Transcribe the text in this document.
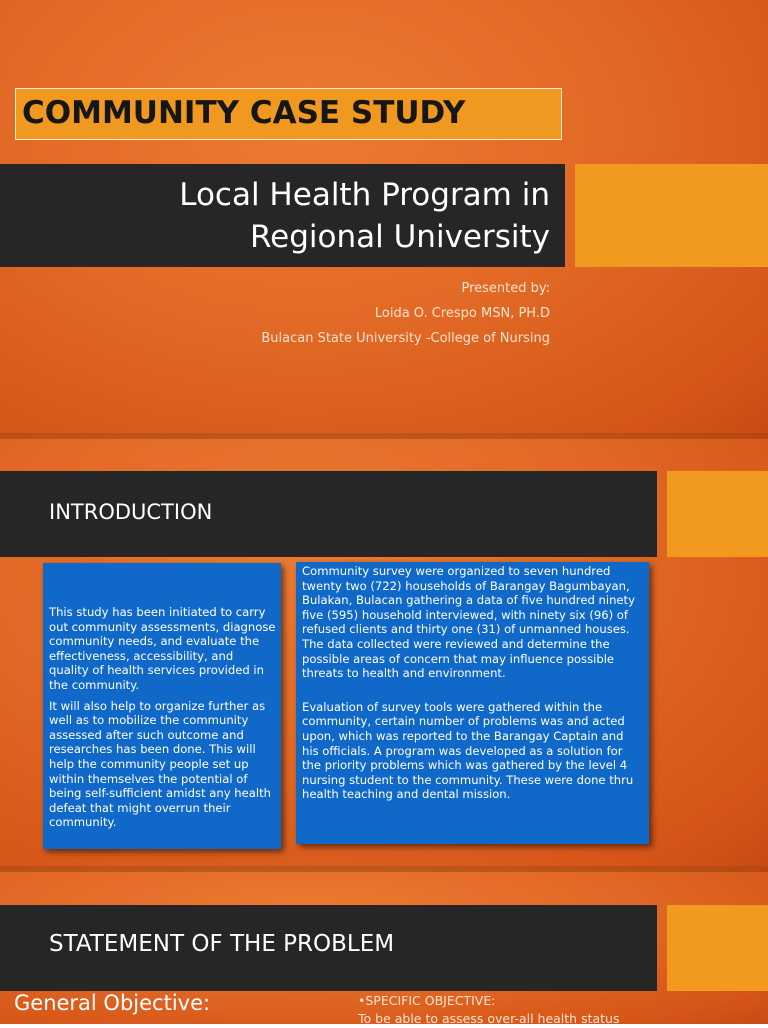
COMMUNITY CASE STUDY
Local Health Program in
Regional University
Presented by:
Loida O. Crespo MSN, PH.D
Bulacan State University -College of Nursing
INTRODUCTION

This study has been initiated to carry out community assessments, diagnose community needs, and evaluate the effectiveness, accessibility, and quality of health services provided in the community.

It will also help to organize further as well as to mobilize the community assessed after such outcome and researches has been done. This will help the community people set up within themselves the potential of being self-sufficient amidst any health defeat that might overrun their community.

Community survey were organized to seven hundred twenty two (722) households of Barangay Bagumbayan, Bulakan, Bulacan gathering a data of five hundred ninety five (595) household interviewed, with ninety six (96) of refused clients and thirty one (31) of unmanned houses. The data collected were reviewed and determine the possible areas of concern that may influence possible threats to health and environment.

Evaluation of survey tools were gathered within the community, certain number of problems was and acted upon, which was reported to the Barangay Captain and his officials. A program was developed as a solution for the priority problems which was gathered by the level 4 nursing student to the community. These were done thru health teaching and dental mission.

STATEMENT OF THE PROBLEM
General Objective:	•SPECIFIC OBJECTIVE:
To be able to assess over-all health status
